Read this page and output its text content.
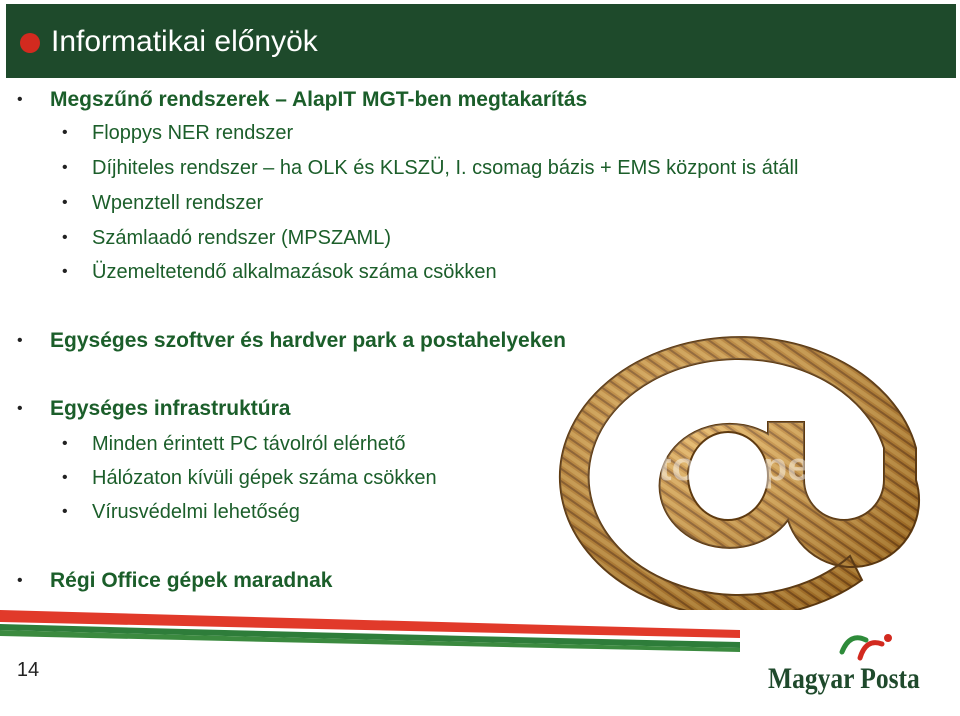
Informatikai előnyök
• Megszűnő rendszerek – AlapIT MGT-ben megtakarítás
• Floppys NER rendszer
• Díjhiteles rendszer – ha OLK és KLSZÜ, I. csomag bázis + EMS központ is átáll
• Wpenztell rendszer
• Számlaadó rendszer (MPSZAML)
• Üzemeltetendő alkalmazások száma csökken
• Egységes szoftver és hardver park a postahelyeken
• Egységes infrastruktúra
• Minden érintett PC távolról elérhető
• Hálózaton kívüli gépek száma csökken
• Vírusvédelmi lehetőség
• Régi Office gépek maradnak
stockxpert
14	Magyar Posta
